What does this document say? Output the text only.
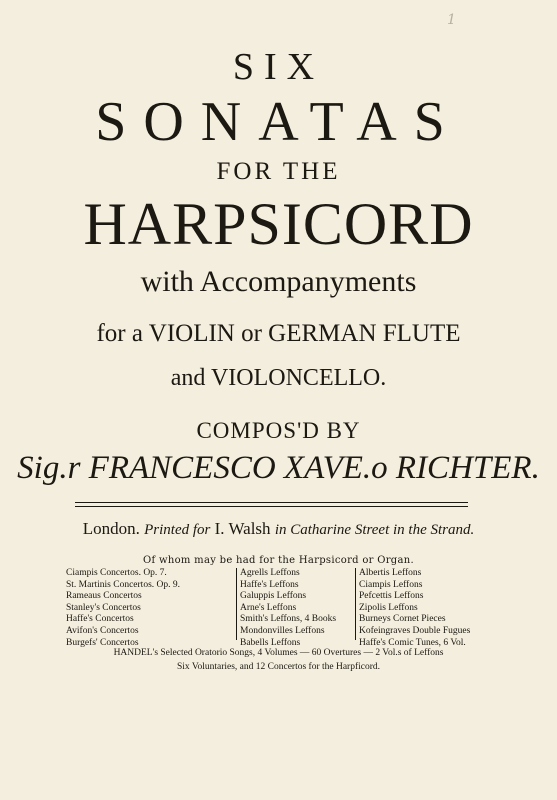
1
SIX
SONATAS
FOR THE
HARPSICORD
with Accompanyments
for a VIOLIN or GERMAN FLUTE
and VIOLONCELLO.
COMPOS'D BY
Sig.r FRANCESCO XAVE.o RICHTER.
London. Printed for I. Walsh in Catharine Street in the Strand.
Of whom may be had for the Harpsicord or Organ.
Ciampis Concertos. Op. 7.
St. Martinis Concertos. Op. 9.
Rameaus Concertos
Stanley's Concertos
Haffe's Concertos
Avifon's Concertos
Burgefs' Concertos
Agrells Leffons
Haffe's Leffons
Galuppis Leffons
Arne's Leffons
Smith's Leffons, 4 Books
Mondonvilles Leffons
Babells Leffons
Albertis Leffons
Ciampis Leffons
Pefcettis Leffons
Zipolis Leffons
Burneys Cornet Pieces
Kofeingraves Double Fugues
Haffe's Comic Tunes, 6 Vol.
HANDEL's Selected Oratorio Songs, 4 Volumes — 60 Overtures — 2 Vol.s of Leffons
Six Voluntaries, and 12 Concertos for the Harpficord.
